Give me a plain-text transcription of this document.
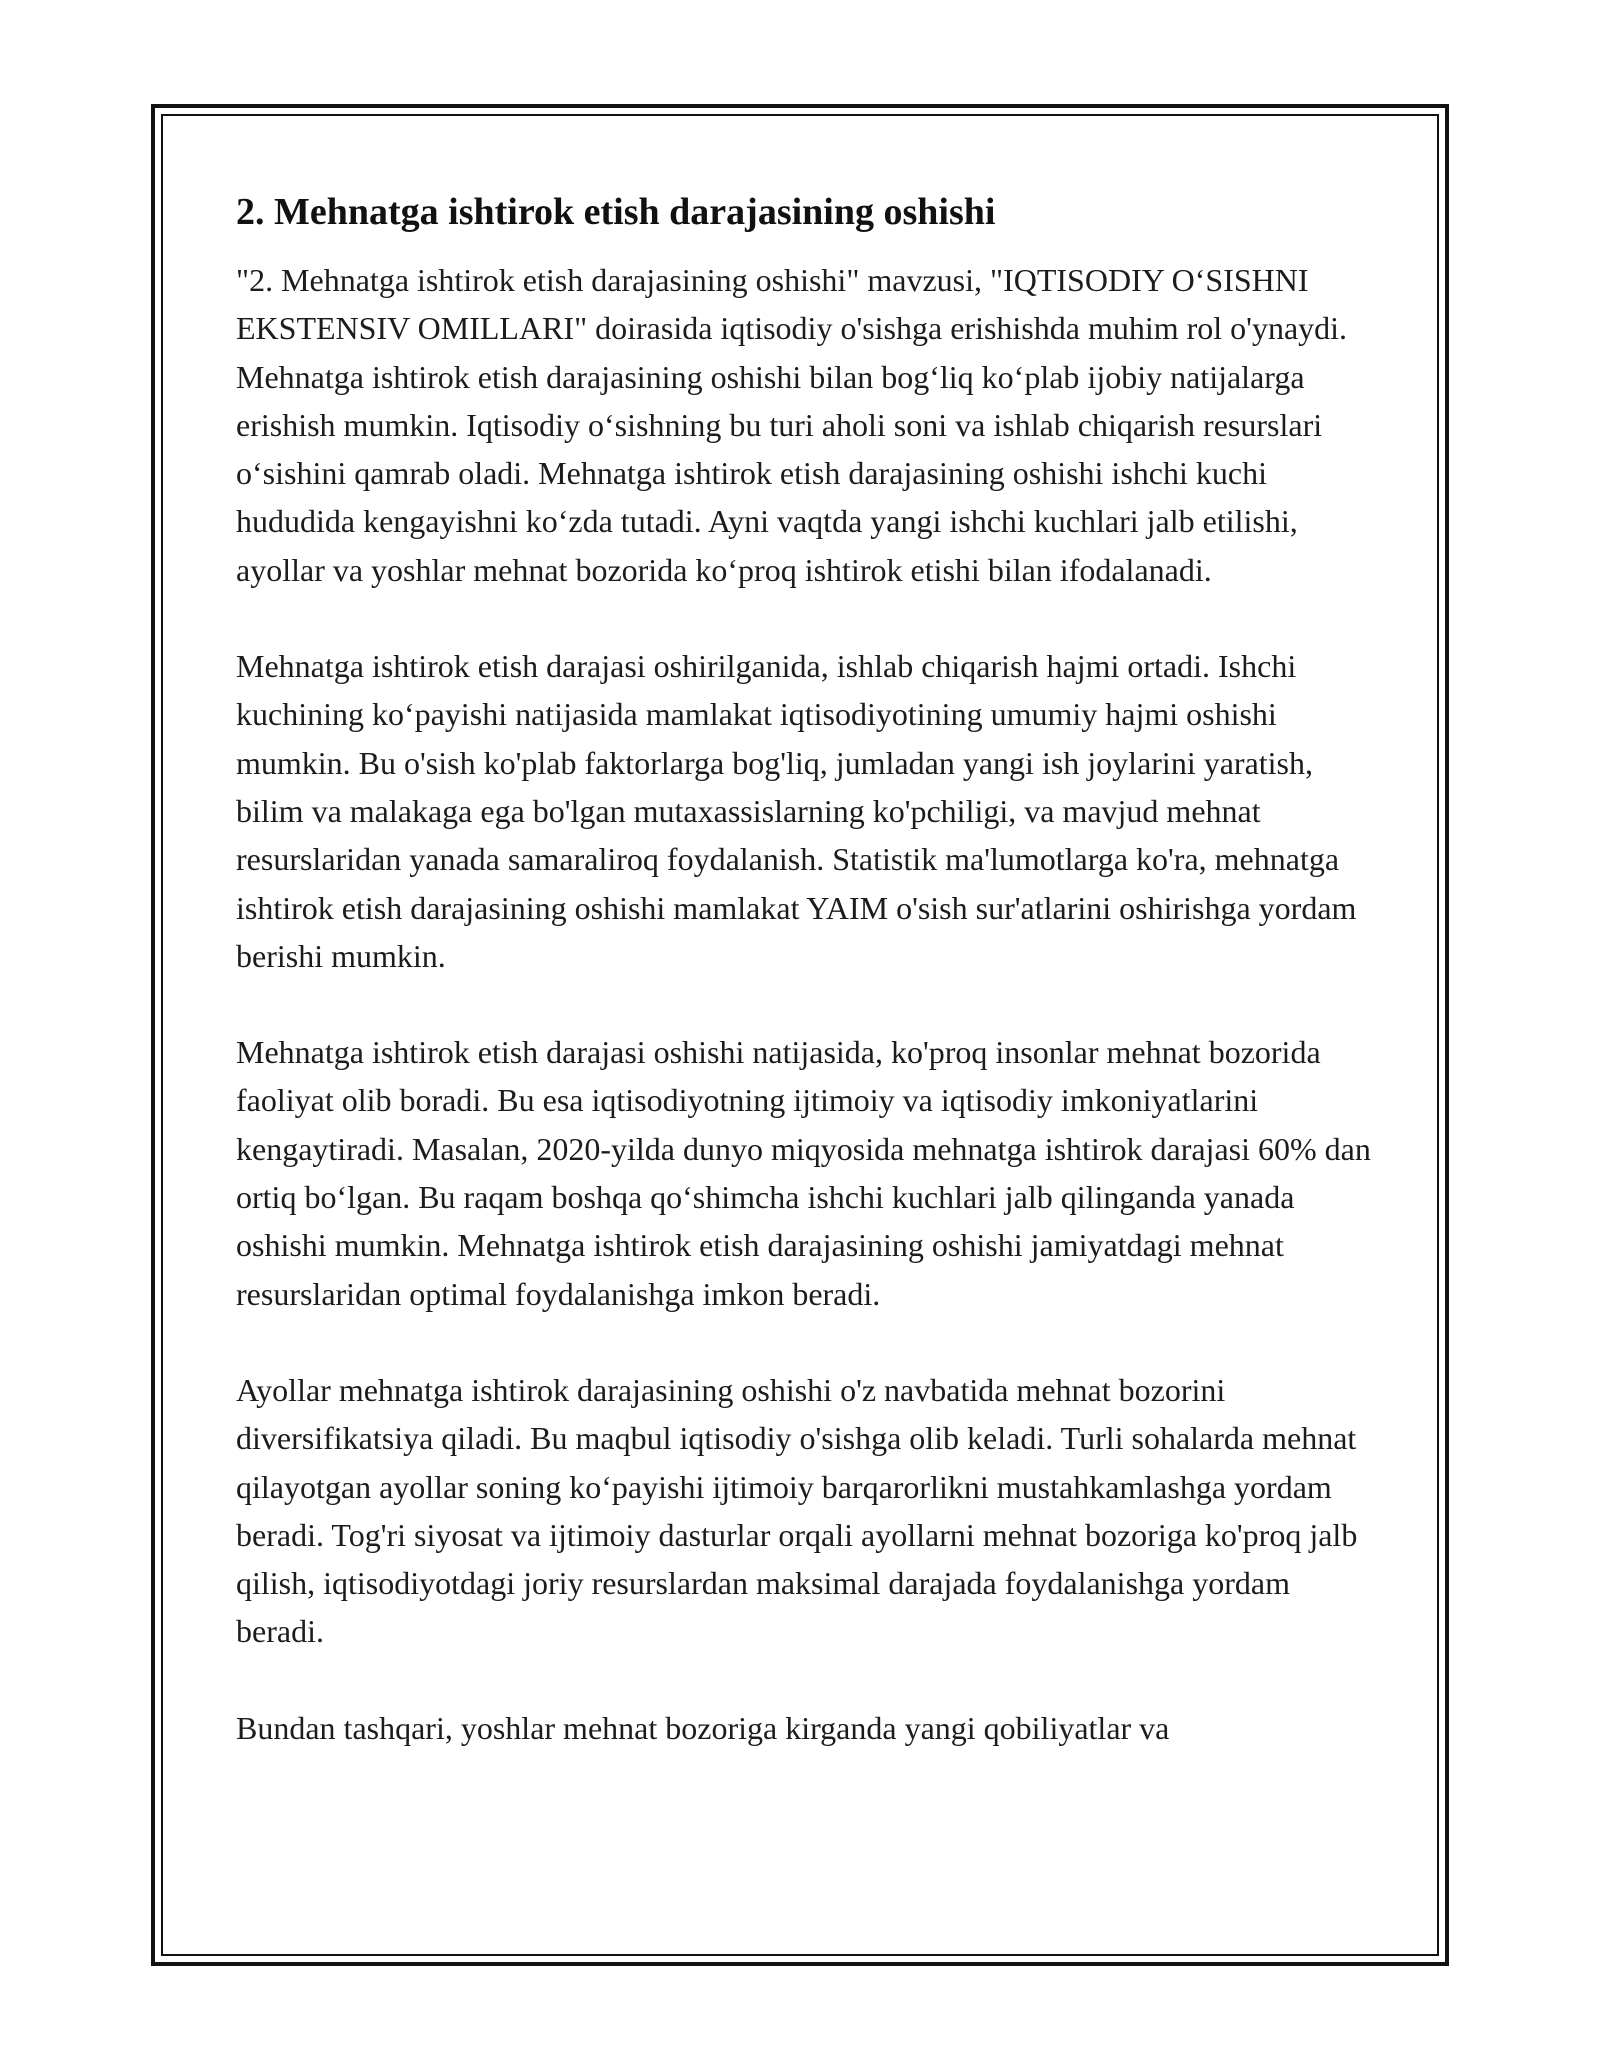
2. Mehnatga ishtirok etish darajasining oshishi

"2. Mehnatga ishtirok etish darajasining oshishi" mavzusi, "IQTISODIY O‘SISHNI EKSTENSIV OMILLARI" doirasida iqtisodiy o'sishga erishishda muhim rol o'ynaydi. Mehnatga ishtirok etish darajasining oshishi bilan bog‘liq ko‘plab ijobiy natijalarga erishish mumkin. Iqtisodiy o‘sishning bu turi aholi soni va ishlab chiqarish resurslari o‘sishini qamrab oladi. Mehnatga ishtirok etish darajasining oshishi ishchi kuchi hududida kengayishni ko‘zda tutadi. Ayni vaqtda yangi ishchi kuchlari jalb etilishi, ayollar va yoshlar mehnat bozorida ko‘proq ishtirok etishi bilan ifodalanadi.

Mehnatga ishtirok etish darajasi oshirilganida, ishlab chiqarish hajmi ortadi. Ishchi kuchining ko‘payishi natijasida mamlakat iqtisodiyotining umumiy hajmi oshishi mumkin. Bu o'sish ko'plab faktorlarga bog'liq, jumladan yangi ish joylarini yaratish, bilim va malakaga ega bo'lgan mutaxassislarning ko'pchiligi, va mavjud mehnat resurslaridan yanada samaraliroq foydalanish. Statistik ma'lumotlarga ko'ra, mehnatga ishtirok etish darajasining oshishi mamlakat YAIM o'sish sur'atlarini oshirishga yordam berishi mumkin.

Mehnatga ishtirok etish darajasi oshishi natijasida, ko'proq insonlar mehnat bozorida faoliyat olib boradi. Bu esa iqtisodiyotning ijtimoiy va iqtisodiy imkoniyatlarini kengaytiradi. Masalan, 2020-yilda dunyo miqyosida mehnatga ishtirok darajasi 60% dan ortiq bo‘lgan. Bu raqam boshqa qo‘shimcha ishchi kuchlari jalb qilinganda yanada oshishi mumkin. Mehnatga ishtirok etish darajasining oshishi jamiyatdagi mehnat resurslaridan optimal foydalanishga imkon beradi.

Ayollar mehnatga ishtirok darajasining oshishi o'z navbatida mehnat bozorini diversifikatsiya qiladi. Bu maqbul iqtisodiy o'sishga olib keladi. Turli sohalarda mehnat qilayotgan ayollar soning ko‘payishi ijtimoiy barqarorlikni mustahkamlashga yordam beradi. Tog'ri siyosat va ijtimoiy dasturlar orqali ayollarni mehnat bozoriga ko'proq jalb qilish, iqtisodiyotdagi joriy resurslardan maksimal darajada foydalanishga yordam beradi.

Bundan tashqari, yoshlar mehnat bozoriga kirganda yangi qobiliyatlar va
